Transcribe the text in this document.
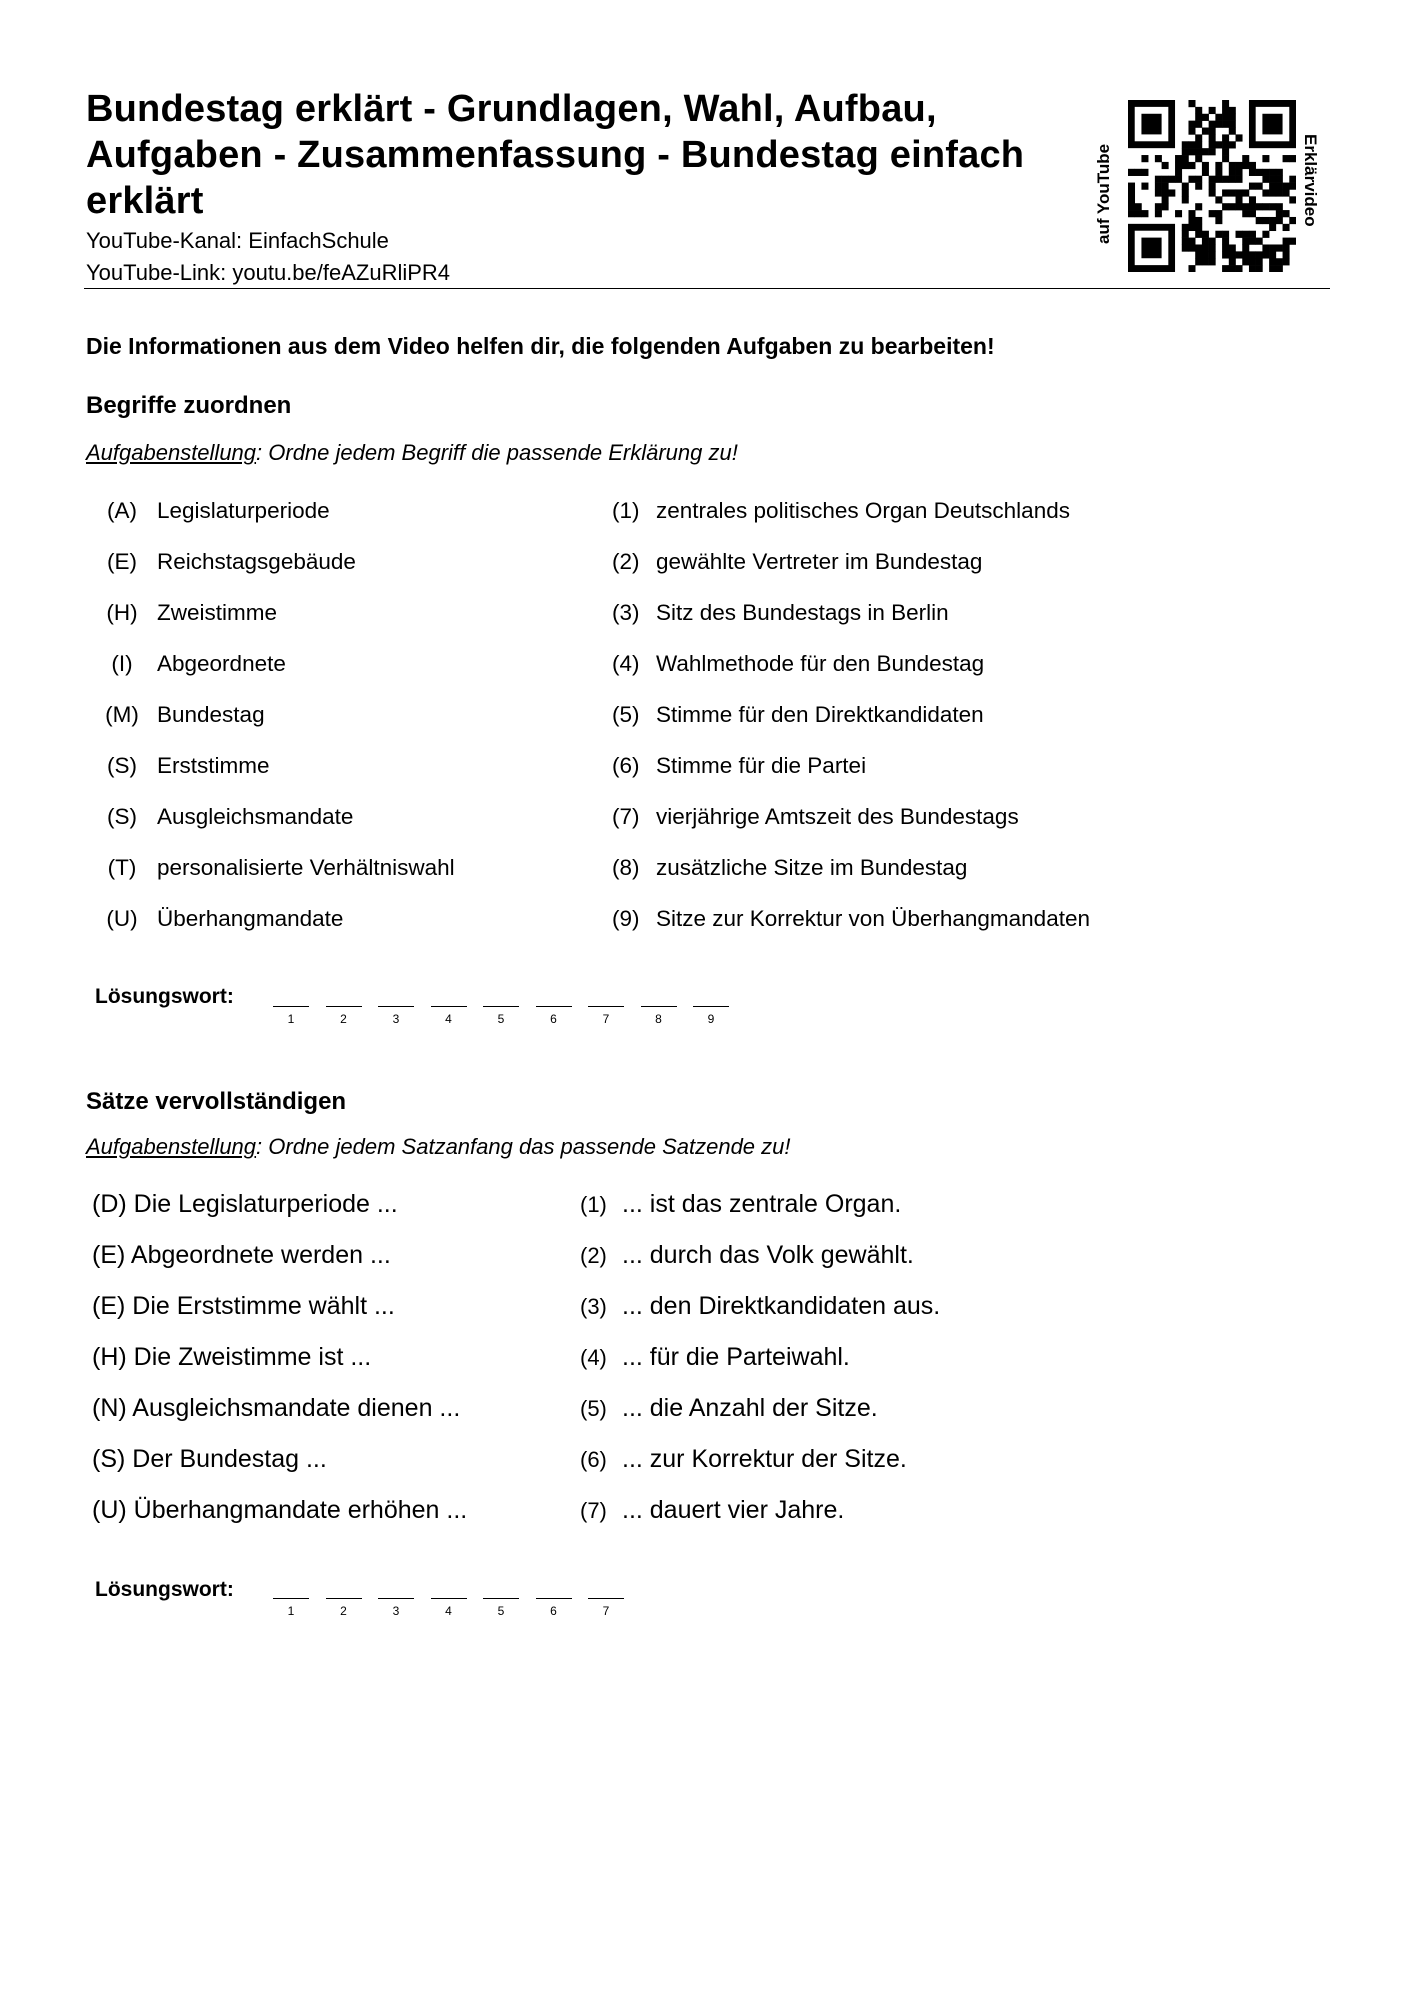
Bundestag erklärt - Grundlagen, Wahl, Aufbau, Aufgaben - Zusammenfassung - Bundestag einfach erklärt
YouTube-Kanal: EinfachSchule
YouTube-Link: youtu.be/feAZuRliPR4
auf YouTube	Erklärvideo
Die Informationen aus dem Video helfen dir, die folgenden Aufgaben zu bearbeiten!
Begriffe zuordnen
Aufgabenstellung: Ordne jedem Begriff die passende Erklärung zu!
(A) Legislaturperiode	(1) zentrales politisches Organ Deutschlands
(E) Reichstagsgebäude	(2) gewählte Vertreter im Bundestag
(H) Zweistimme	(3) Sitz des Bundestags in Berlin
(I) Abgeordnete	(4) Wahlmethode für den Bundestag
(M) Bundestag	(5) Stimme für den Direktkandidaten
(S) Erststimme	(6) Stimme für die Partei
(S) Ausgleichsmandate	(7) vierjährige Amtszeit des Bundestags
(T) personalisierte Verhältniswahl	(8) zusätzliche Sitze im Bundestag
(U) Überhangmandate	(9) Sitze zur Korrektur von Überhangmandaten
Lösungswort:
1	2	3	4	5	6	7	8	9
Sätze vervollständigen
Aufgabenstellung: Ordne jedem Satzanfang das passende Satzende zu!
(D) Die Legislaturperiode ...	(1) ... ist das zentrale Organ.
(E) Abgeordnete werden ...	(2) ... durch das Volk gewählt.
(E) Die Erststimme wählt ...	(3) ... den Direktkandidaten aus.
(H) Die Zweistimme ist ...	(4) ... für die Parteiwahl.
(N) Ausgleichsmandate dienen ...	(5) ... die Anzahl der Sitze.
(S) Der Bundestag ...	(6) ... zur Korrektur der Sitze.
(U) Überhangmandate erhöhen ...	(7) ... dauert vier Jahre.
Lösungswort:
1	2	3	4	5	6	7
